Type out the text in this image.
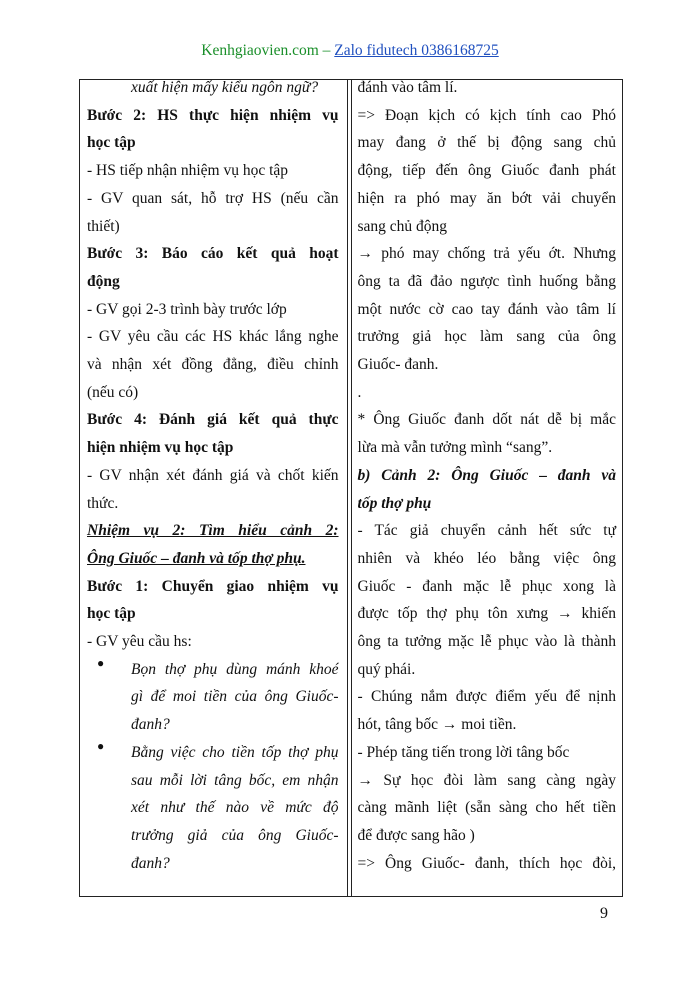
Kenhgiaovien.com – Zalo fidutech 0386168725
xuất hiện mấy kiểu ngôn ngữ?
Bước 2: HS thực hiện nhiệm vụ
học tập
- HS tiếp nhận nhiệm vụ học tập
- GV quan sát, hỗ trợ HS (nếu cần
thiết)
Bước 3: Báo cáo kết quả hoạt
động
- GV gọi 2-3 trình bày trước lớp
- GV yêu cầu các HS khác lắng nghe
và nhận xét đồng đẳng, điều chỉnh
(nếu có)
Bước 4: Đánh giá kết quả thực
hiện nhiệm vụ học tập
- GV nhận xét đánh giá và chốt kiến
thức.
Nhiệm vụ 2: Tìm hiểu cảnh 2:
Ông Giuốc – đanh và tốp thợ phụ.
Bước 1: Chuyển giao nhiệm vụ
học tập
- GV yêu cầu hs:
● Bọn thợ phụ dùng mánh khoé
gì để moi tiền của ông Giuốc-
đanh?
● Bằng việc cho tiền tốp thợ phụ
sau mỗi lời tâng bốc, em nhận
xét như thế nào về mức độ
trưởng giả của ông Giuốc-
đanh?
đánh vào tâm lí.
=> Đoạn kịch có kịch tính cao Phó
may đang ở thế bị động sang chủ
động, tiếp đến ông Giuốc đanh phát
hiện ra phó may ăn bớt vải chuyển
sang chủ động
→ phó may chống trả yếu ớt. Nhưng
ông ta đã đảo ngược tình huống bằng
một nước cờ cao tay đánh vào tâm lí
trưởng giả học làm sang của ông
Giuốc- đanh.
.
* Ông Giuốc đanh dốt nát dễ bị mắc
lừa mà vẫn tưởng mình “sang”.
b) Cảnh 2: Ông Giuốc – đanh và
tốp thợ phụ
- Tác giả chuyển cảnh hết sức tự
nhiên và khéo léo bằng việc ông
Giuốc - đanh mặc lễ phục xong là
được tốp thợ phụ tôn xưng → khiến
ông ta tưởng mặc lễ phục vào là thành
quý phái.
- Chúng nắm được điểm yếu để nịnh
hót, tâng bốc → moi tiền.
- Phép tăng tiến trong lời tâng bốc
→ Sự học đòi làm sang càng ngày
càng mãnh liệt (sẵn sàng cho hết tiền
để được sang hão )
=> Ông Giuốc- đanh, thích học đòi,
9
